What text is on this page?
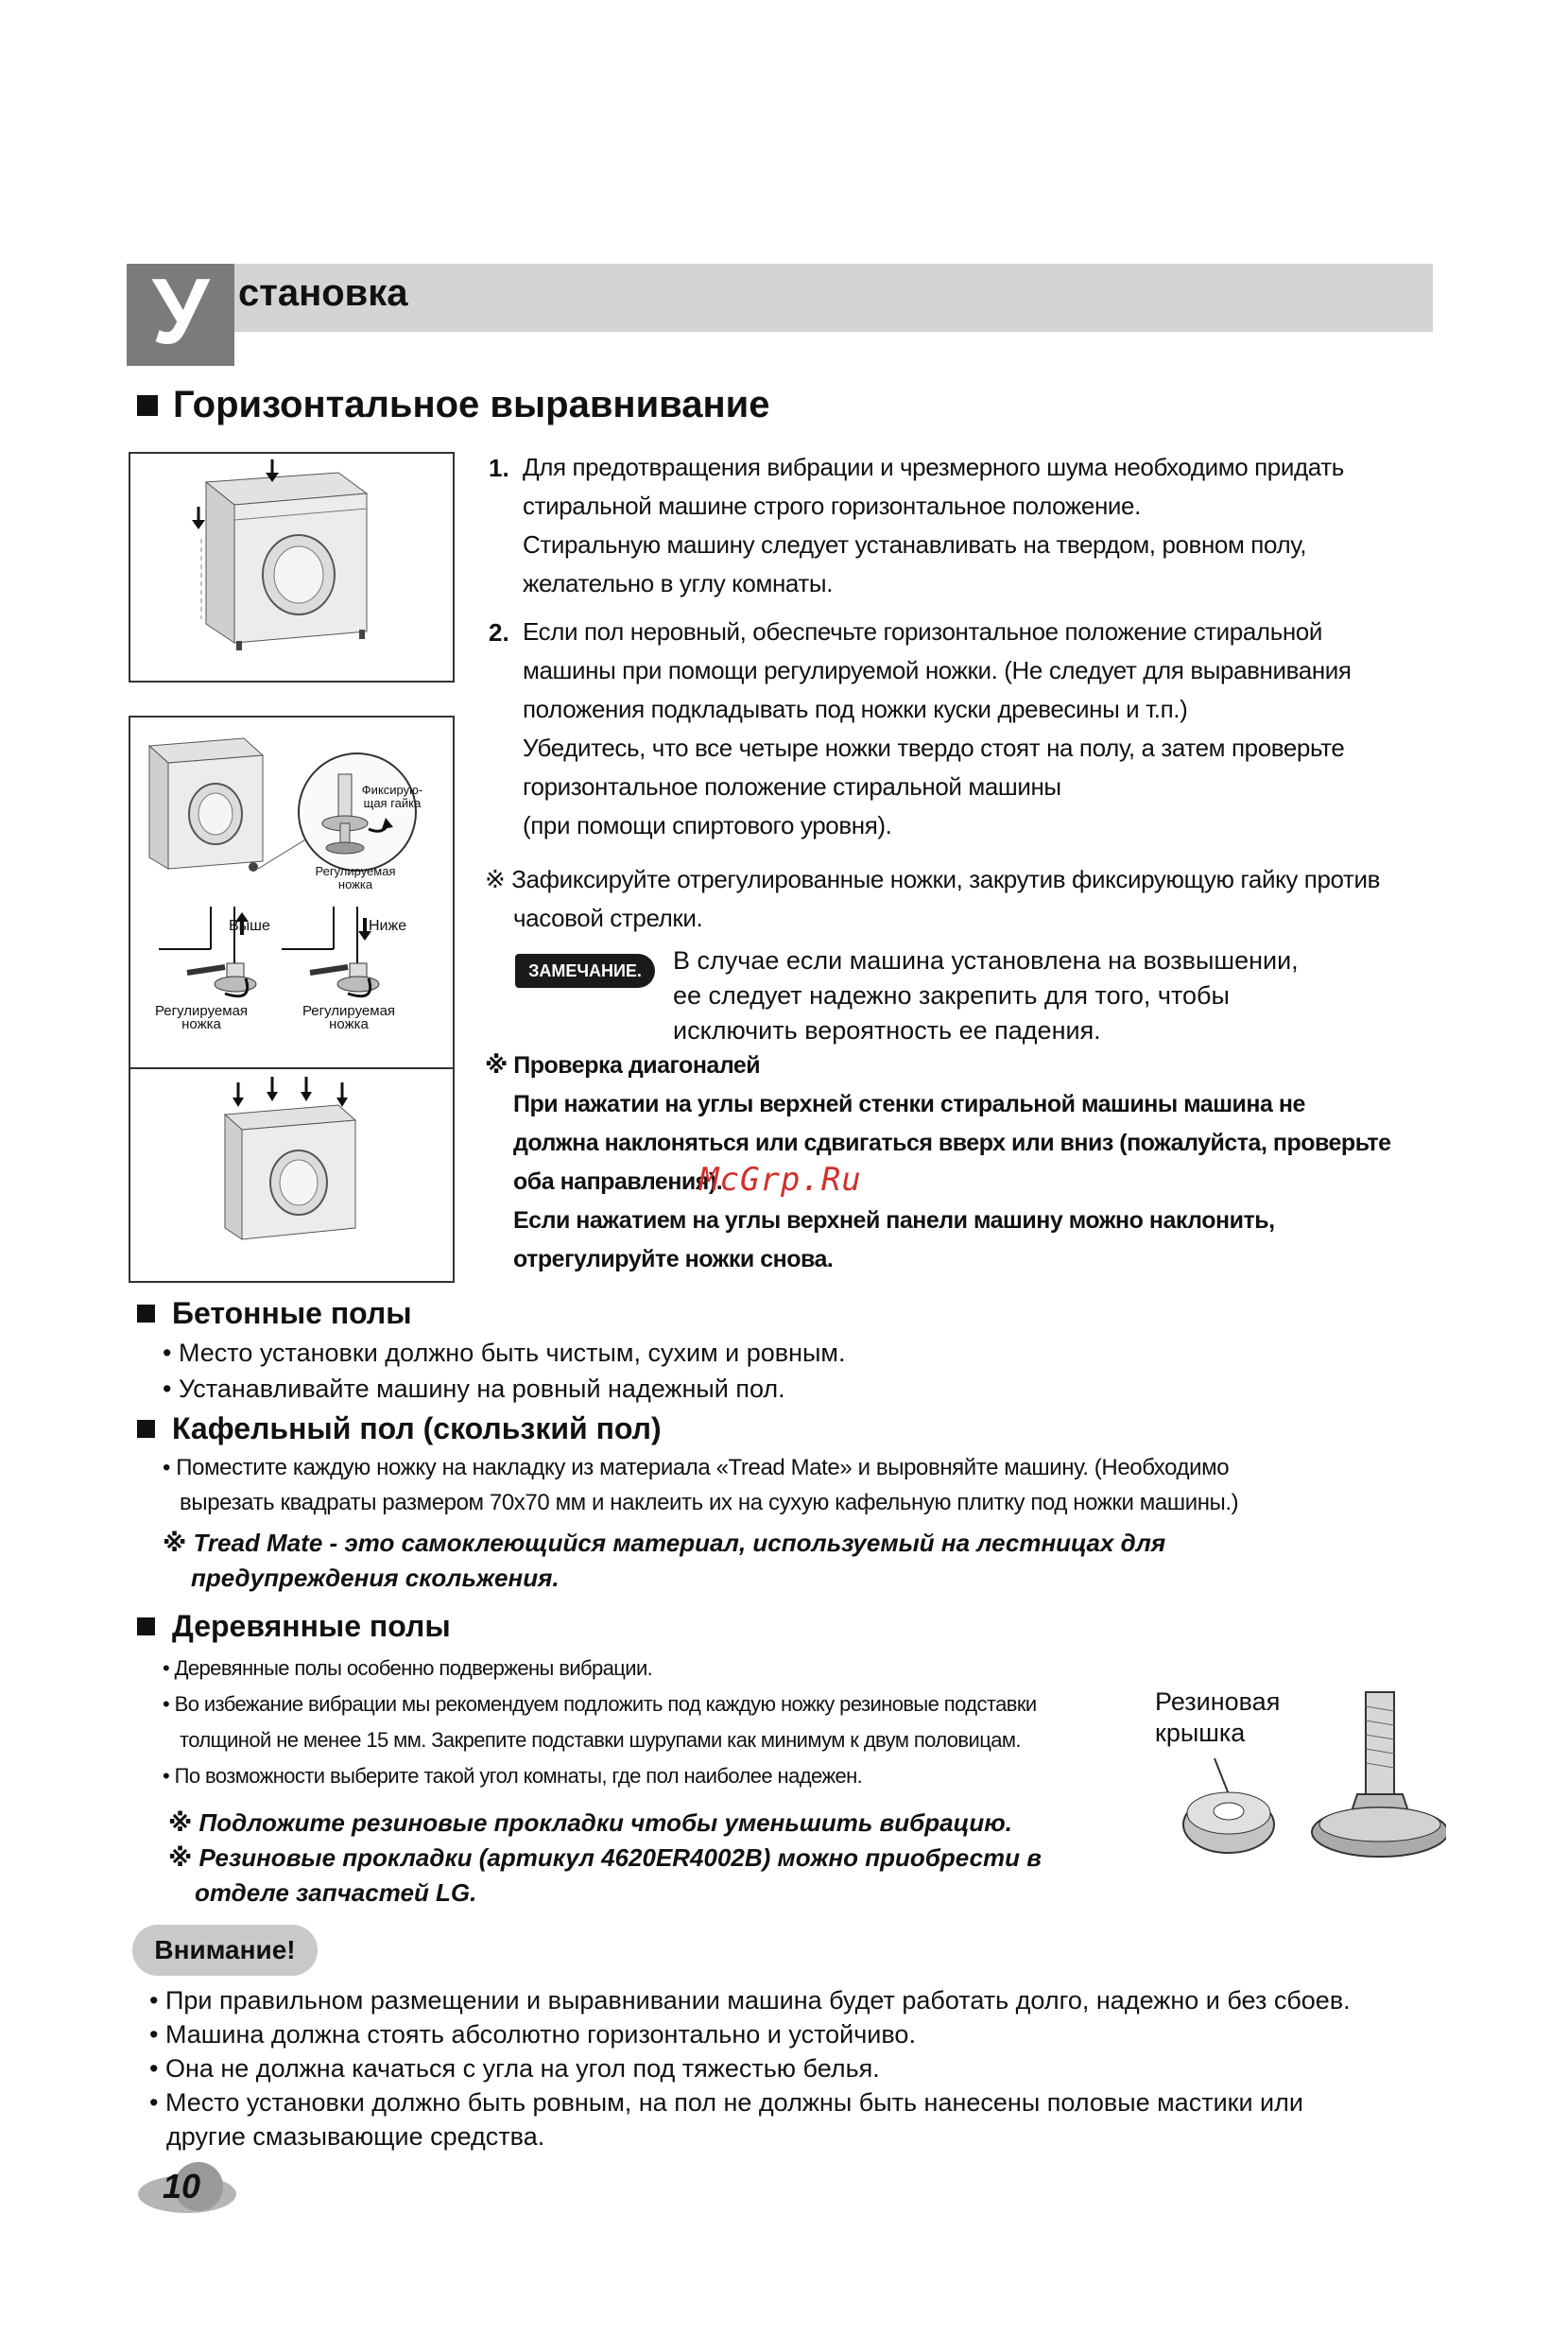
У становка
Горизонтальное выравнивание
Фиксирую-щая гайка
Регулируемая ножка
Выше	Ниже
Регулируемая ножка
Регулируемая ножка
1. Для предотвращения вибрации и чрезмерного шума необходимо придать
стиральной машине строго горизонтальное положение.
Стиральную машину следует устанавливать на твердом, ровном полу,
желательно в углу комнаты.
2. Если пол неровный, обеспечьте горизонтальное положение стиральной
машины при помощи регулируемой ножки. (Не следует для выравнивания
положения подкладывать под ножки куски древесины и т.п.)
Убедитесь, что все четыре ножки твердо стоят на полу, а затем проверьте
горизонтальное положение стиральной машины
(при помощи спиртового уровня).
※ Зафиксируйте отрегулированные ножки, закрутив фиксирующую гайку против
часовой стрелки.
ЗАМЕЧАНИЕ.	В случае если машина установлена на возвышении,
ее следует надежно закрепить для того, чтобы
исключить вероятность ее падения.
※ Проверка диагоналей
При нажатии на углы верхней стенки стиральной машины машина не
должна наклоняться или сдвигаться вверх или вниз (пожалуйста, проверьте
оба направления).
Если нажатием на углы верхней панели машину можно наклонить,
отрегулируйте ножки снова.
McGrp.Ru
Бетонные полы
• Место установки должно быть чистым, сухим и ровным.
• Устанавливайте машину на ровный надежный пол.
Кафельный пол (скользкий пол)
• Поместите каждую ножку на накладку из материала «Tread Mate» и выровняйте машину. (Необходимо
вырезать квадраты размером 70x70 мм и наклеить их на сухую кафельную плитку под ножки машины.)
※ Tread Mate - это самоклеющийся материал, используемый на лестницах для
предупреждения скольжения.
Деревянные полы
• Деревянные полы особенно подвержены вибрации.
• Во избежание вибрации мы рекомендуем подложить под каждую ножку резиновые подставки
толщиной не менее 15 мм. Закрепите подставки шурупами как минимум к двум половицам.
• По возможности выберите такой угол комнаты, где пол наиболее надежен.
※ Подложите резиновые прокладки чтобы уменьшить вибрацию.
※ Резиновые прокладки (артикул 4620ER4002B) можно приобрести в
отделе запчастей LG.
Резиновая
крышка
Внимание!
• При правильном размещении и выравнивании машина будет работать долго, надежно и без сбоев.
• Машина должна стоять абсолютно горизонтально и устойчиво.
• Она не должна качаться с угла на угол под тяжестью белья.
• Место установки должно быть ровным, на пол не должны быть нанесены половые мастики или
другие смазывающие средства.
10
